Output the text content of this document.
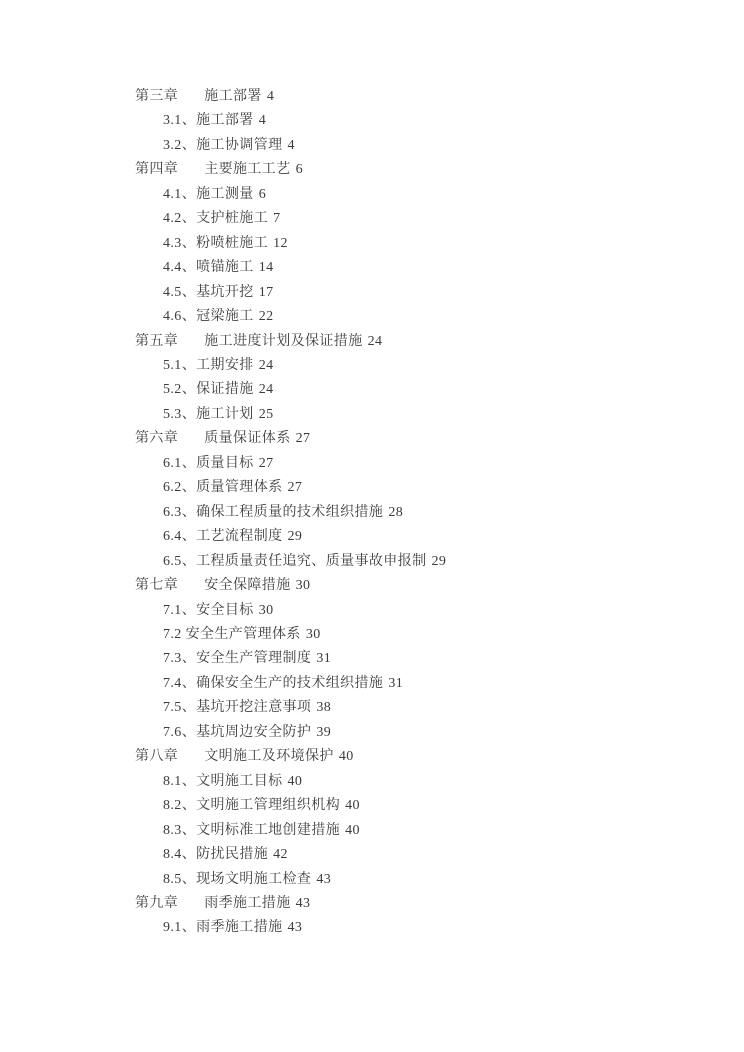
第三章 施工部署 4
3.1、施工部署 4
3.2、施工协调管理 4
第四章 主要施工工艺 6
4.1、施工测量 6
4.2、支护桩施工 7
4.3、粉喷桩施工 12
4.4、喷锚施工 14
4.5、基坑开挖 17
4.6、冠梁施工 22
第五章 施工进度计划及保证措施 24
5.1、工期安排 24
5.2、保证措施 24
5.3、施工计划 25
第六章 质量保证体系 27
6.1、质量目标 27
6.2、质量管理体系 27
6.3、确保工程质量的技术组织措施 28
6.4、工艺流程制度 29
6.5、工程质量责任追究、质量事故申报制 29
第七章 安全保障措施 30
7.1、安全目标 30
7.2 安全生产管理体系 30
7.3、安全生产管理制度 31
7.4、确保安全生产的技术组织措施 31
7.5、基坑开挖注意事项 38
7.6、基坑周边安全防护 39
第八章 文明施工及环境保护 40
8.1、文明施工目标 40
8.2、文明施工管理组织机构 40
8.3、文明标准工地创建措施 40
8.4、防扰民措施 42
8.5、现场文明施工检查 43
第九章 雨季施工措施 43
9.1、雨季施工措施 43
